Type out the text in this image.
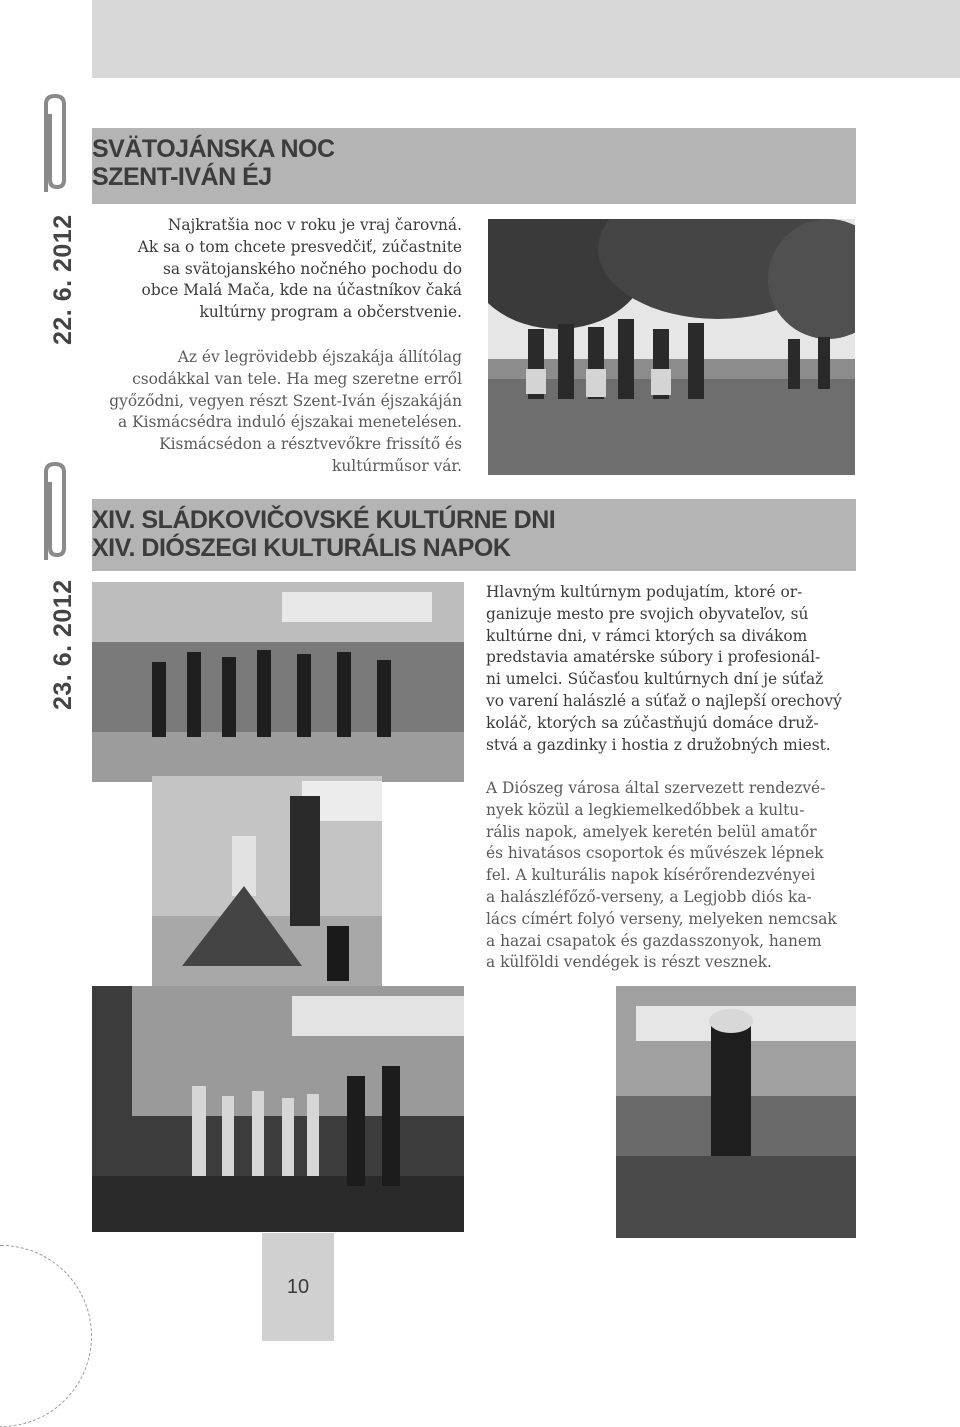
SVÄTOJÁNSKA NOC
SZENT-IVÁN ÉJ
22. 6. 2012	Najkratšia noc v roku je vraj čarovná.
Ak sa o tom chcete presvedčiť, zúčastnite
sa svätojanského nočného pochodu do
obce Malá Mača, kde na účastníkov čaká
kultúrny program a občerstvenie.
Az év legrövidebb éjszakája állítólag
csodákkal van tele. Ha meg szeretne erről
győződni, vegyen részt Szent-Iván éjszakáján
a Kismácsédra induló éjszakai menetelésen.
Kismácsédon a résztvevőkre frissítő és
kultúrműsor vár.
XIV. SLÁDKOVIČOVSKÉ KULTÚRNE DNI
XIV. DIÓSZEGI KULTURÁLIS NAPOK
23. 6. 2012	Hlavným kultúrnym podujatím, ktoré or-
ganizuje mesto pre svojich obyvateľov, sú
kultúrne dni, v rámci ktorých sa divákom
predstavia amatérske súbory i profesionál-
ni umelci. Súčasťou kultúrnych dní je súťaž
vo varení halászlé a súťaž o najlepší orechový
koláč, ktorých sa zúčastňujú domáce druž-
stvá a gazdinky i hostia z družobných miest.
A Diószeg városa által szervezett rendezvé-
nyek közül a legkiemelkedőbbek a kultu-
rális napok, amelyek keretén belül amatőr
és hivatásos csoportok és művészek lépnek
fel. A kulturális napok kísérőrendezvényei
a halászléfőző-verseny, a Legjobb diós ka-
lács címért folyó verseny, melyeken nemcsak
a hazai csapatok és gazdasszonyok, hanem
a külföldi vendégek is részt vesznek.
10
